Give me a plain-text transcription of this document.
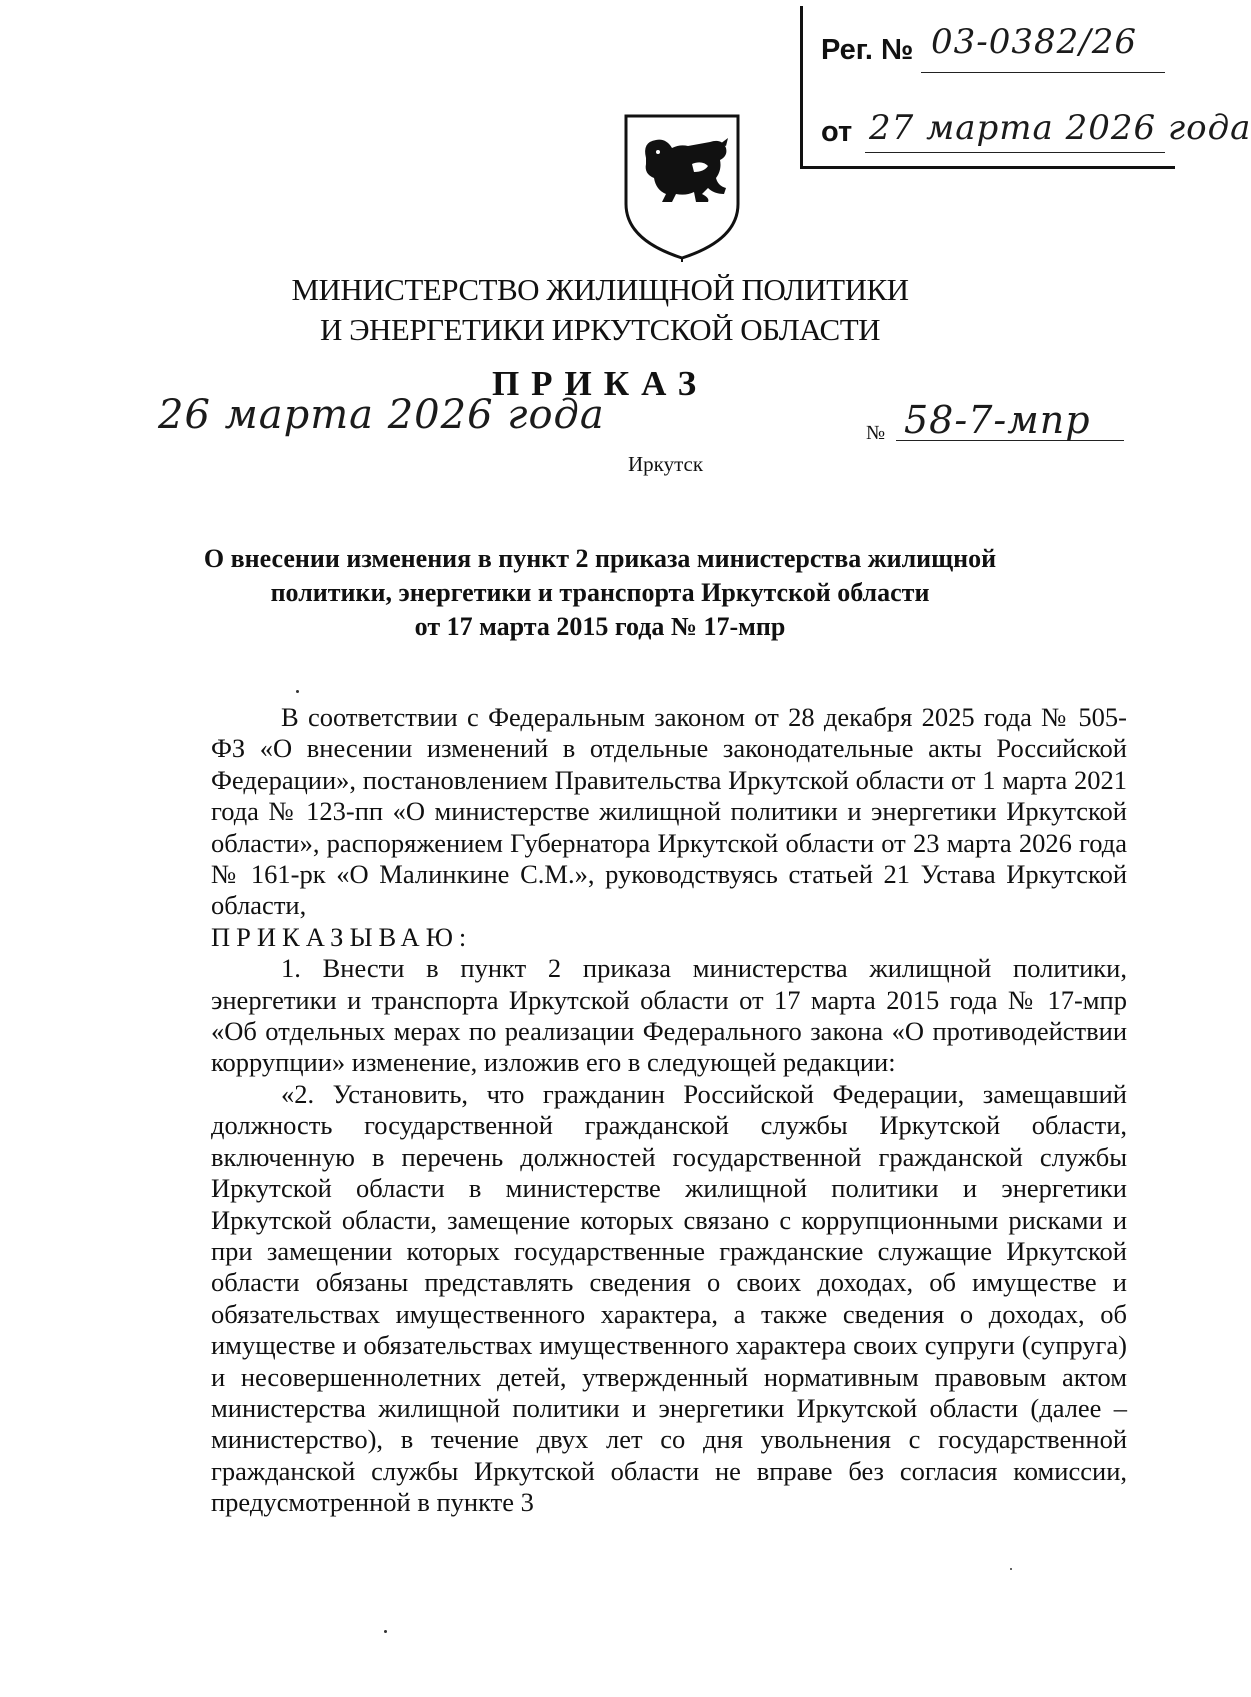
Рег. № 03-0382/26
от 27 марта 2026 года
МИНИСТЕРСТВО ЖИЛИЩНОЙ ПОЛИТИКИ
И ЭНЕРГЕТИКИ ИРКУТСКОЙ ОБЛАСТИ
ПРИКАЗ
26 марта 2026 года	№ 58-7-мпр
Иркутск
О внесении изменения в пункт 2 приказа министерства жилищной
политики, энергетики и транспорта Иркутской области
от 17 марта 2015 года № 17-мпр

В соответствии с Федеральным законом от 28 декабря 2025 года № 505-ФЗ «О внесении изменений в отдельные законодательные акты Российской Федерации», постановлением Правительства Иркутской области от 1 марта 2021 года № 123-пп «О министерстве жилищной политики и энергетики Иркутской области», распоряжением Губернатора Иркутской области от 23 марта 2026 года № 161-рк «О Малинкине С.М.», руководствуясь статьей 21 Устава Иркутской области,

ПРИКАЗЫВАЮ:

1. Внести в пункт 2 приказа министерства жилищной политики, энергетики и транспорта Иркутской области от 17 марта 2015 года № 17-мпр «Об отдельных мерах по реализации Федерального закона «О противодействии коррупции» изменение, изложив его в следующей редакции:

«2. Установить, что гражданин Российской Федерации, замещавший должность государственной гражданской службы Иркутской области, включенную в перечень должностей государственной гражданской службы Иркутской области в министерстве жилищной политики и энергетики Иркутской области, замещение которых связано с коррупционными рисками и при замещении которых государственные гражданские служащие Иркутской области обязаны представлять сведения о своих доходах, об имуществе и обязательствах имущественного характера, а также сведения о доходах, об имуществе и обязательствах имущественного характера своих супруги (супруга) и несовершеннолетних детей, утвержденный нормативным правовым актом министерства жилищной политики и энергетики Иркутской области (далее – министерство), в течение двух лет со дня увольнения с государственной гражданской службы Иркутской области не вправе без согласия комиссии, предусмотренной в пункте 3
